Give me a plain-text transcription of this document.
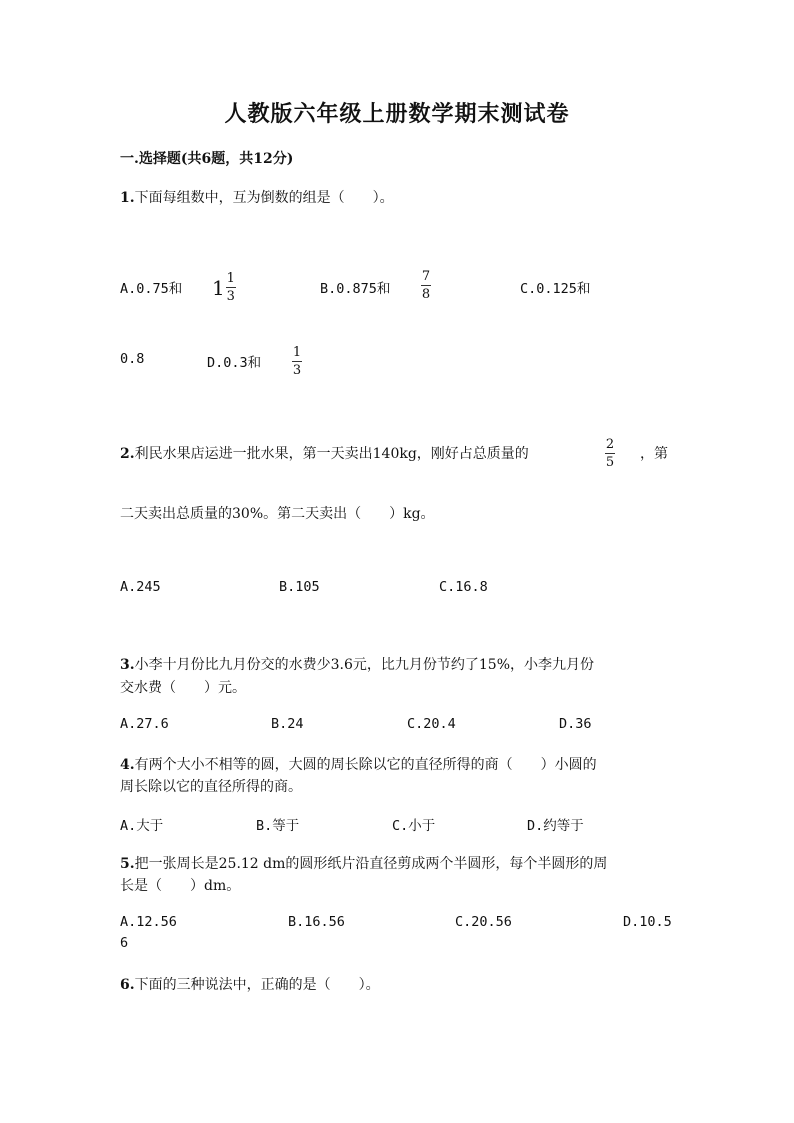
人教版六年级上册数学期末测试卷
一.选择题(共6题，共12分)
1.下面每组数中，互为倒数的组是（　　）。
A.0.75和 $1 \frac{1}{3}$	B.0.875和
7
8	C.0.125和
0.8	D.0.3和
1
3
2.利民水果店运进一批水果，第一天卖出140kg，刚好占总质量的
2
5
，第
二天卖出总质量的30%。第二天卖出（　　）kg。
A.245	B.105	C.16.8
3.小李十月份比九月份交的水费少3.6元，比九月份节约了15%，小李九月份
交水费（　　）元。
A.27.6	B.24	C.20.4	D.36
4.有两个大小不相等的圆，大圆的周长除以它的直径所得的商（　　）小圆的
周长除以它的直径所得的商。
A.大于	B.等于	C.小于	D.约等于
5.把一张周长是25.12 dm的圆形纸片沿直径剪成两个半圆形，每个半圆形的周
长是（　　）dm。
A.12.56	B.16.56	C.20.56	D.10.5
6
6.下面的三种说法中，正确的是（　　）。
